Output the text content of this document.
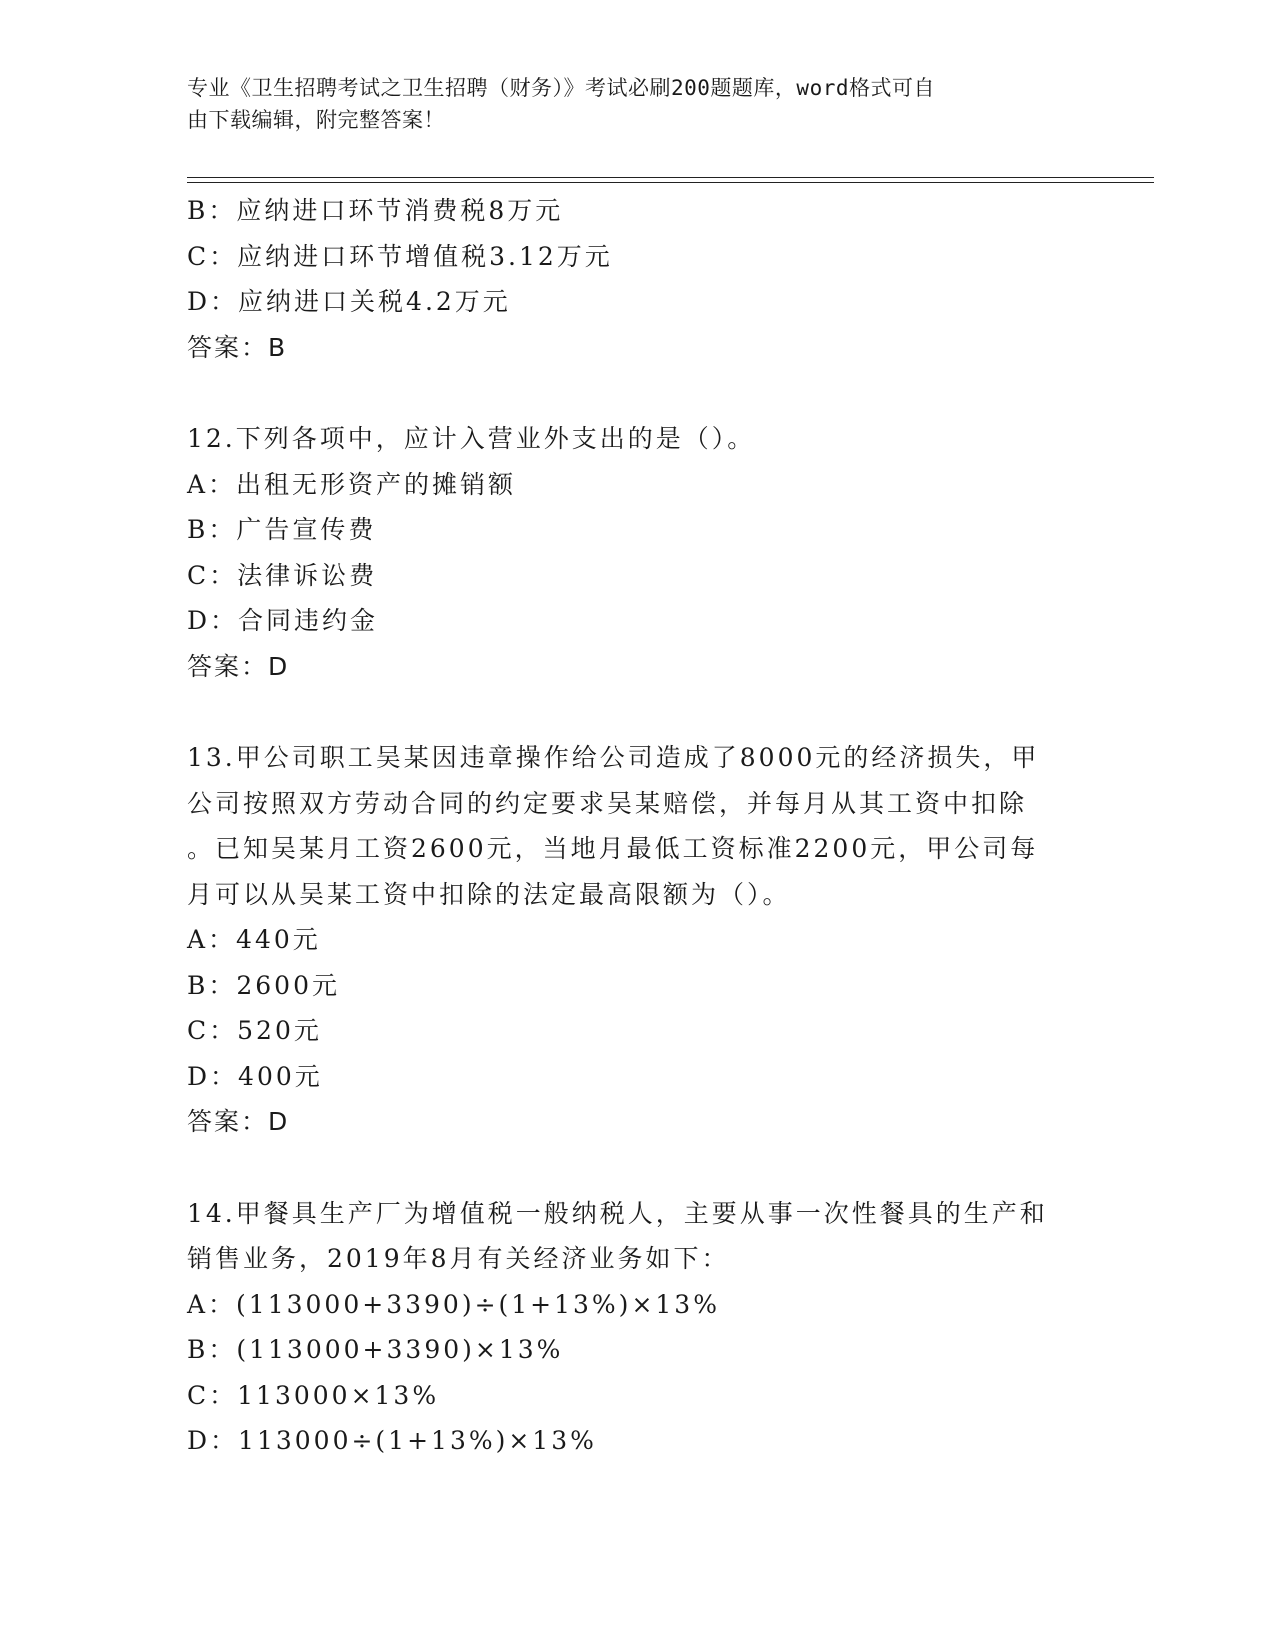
专业《卫生招聘考试之卫生招聘（财务）》考试必刷200题题库，word格式可自
由下载编辑，附完整答案！
B：应纳进口环节消费税8万元
C：应纳进口环节增值税3.12万元
D：应纳进口关税4.2万元
答案：B
12.下列各项中，应计入营业外支出的是（）。
A：出租无形资产的摊销额
B：广告宣传费
C：法律诉讼费
D：合同违约金
答案：D
13.甲公司职工吴某因违章操作给公司造成了8000元的经济损失，甲
公司按照双方劳动合同的约定要求吴某赔偿，并每月从其工资中扣除
。已知吴某月工资2600元，当地月最低工资标准2200元，甲公司每
月可以从吴某工资中扣除的法定最高限额为（）。
A：440元
B：2600元
C：520元
D：400元
答案：D
14.甲餐具生产厂为增值税一般纳税人，主要从事一次性餐具的生产和
销售业务，2019年8月有关经济业务如下：
A：(113000+3390)÷(1+13%)×13%
B：(113000+3390)×13%
C：113000×13%
D：113000÷(1+13%)×13%
